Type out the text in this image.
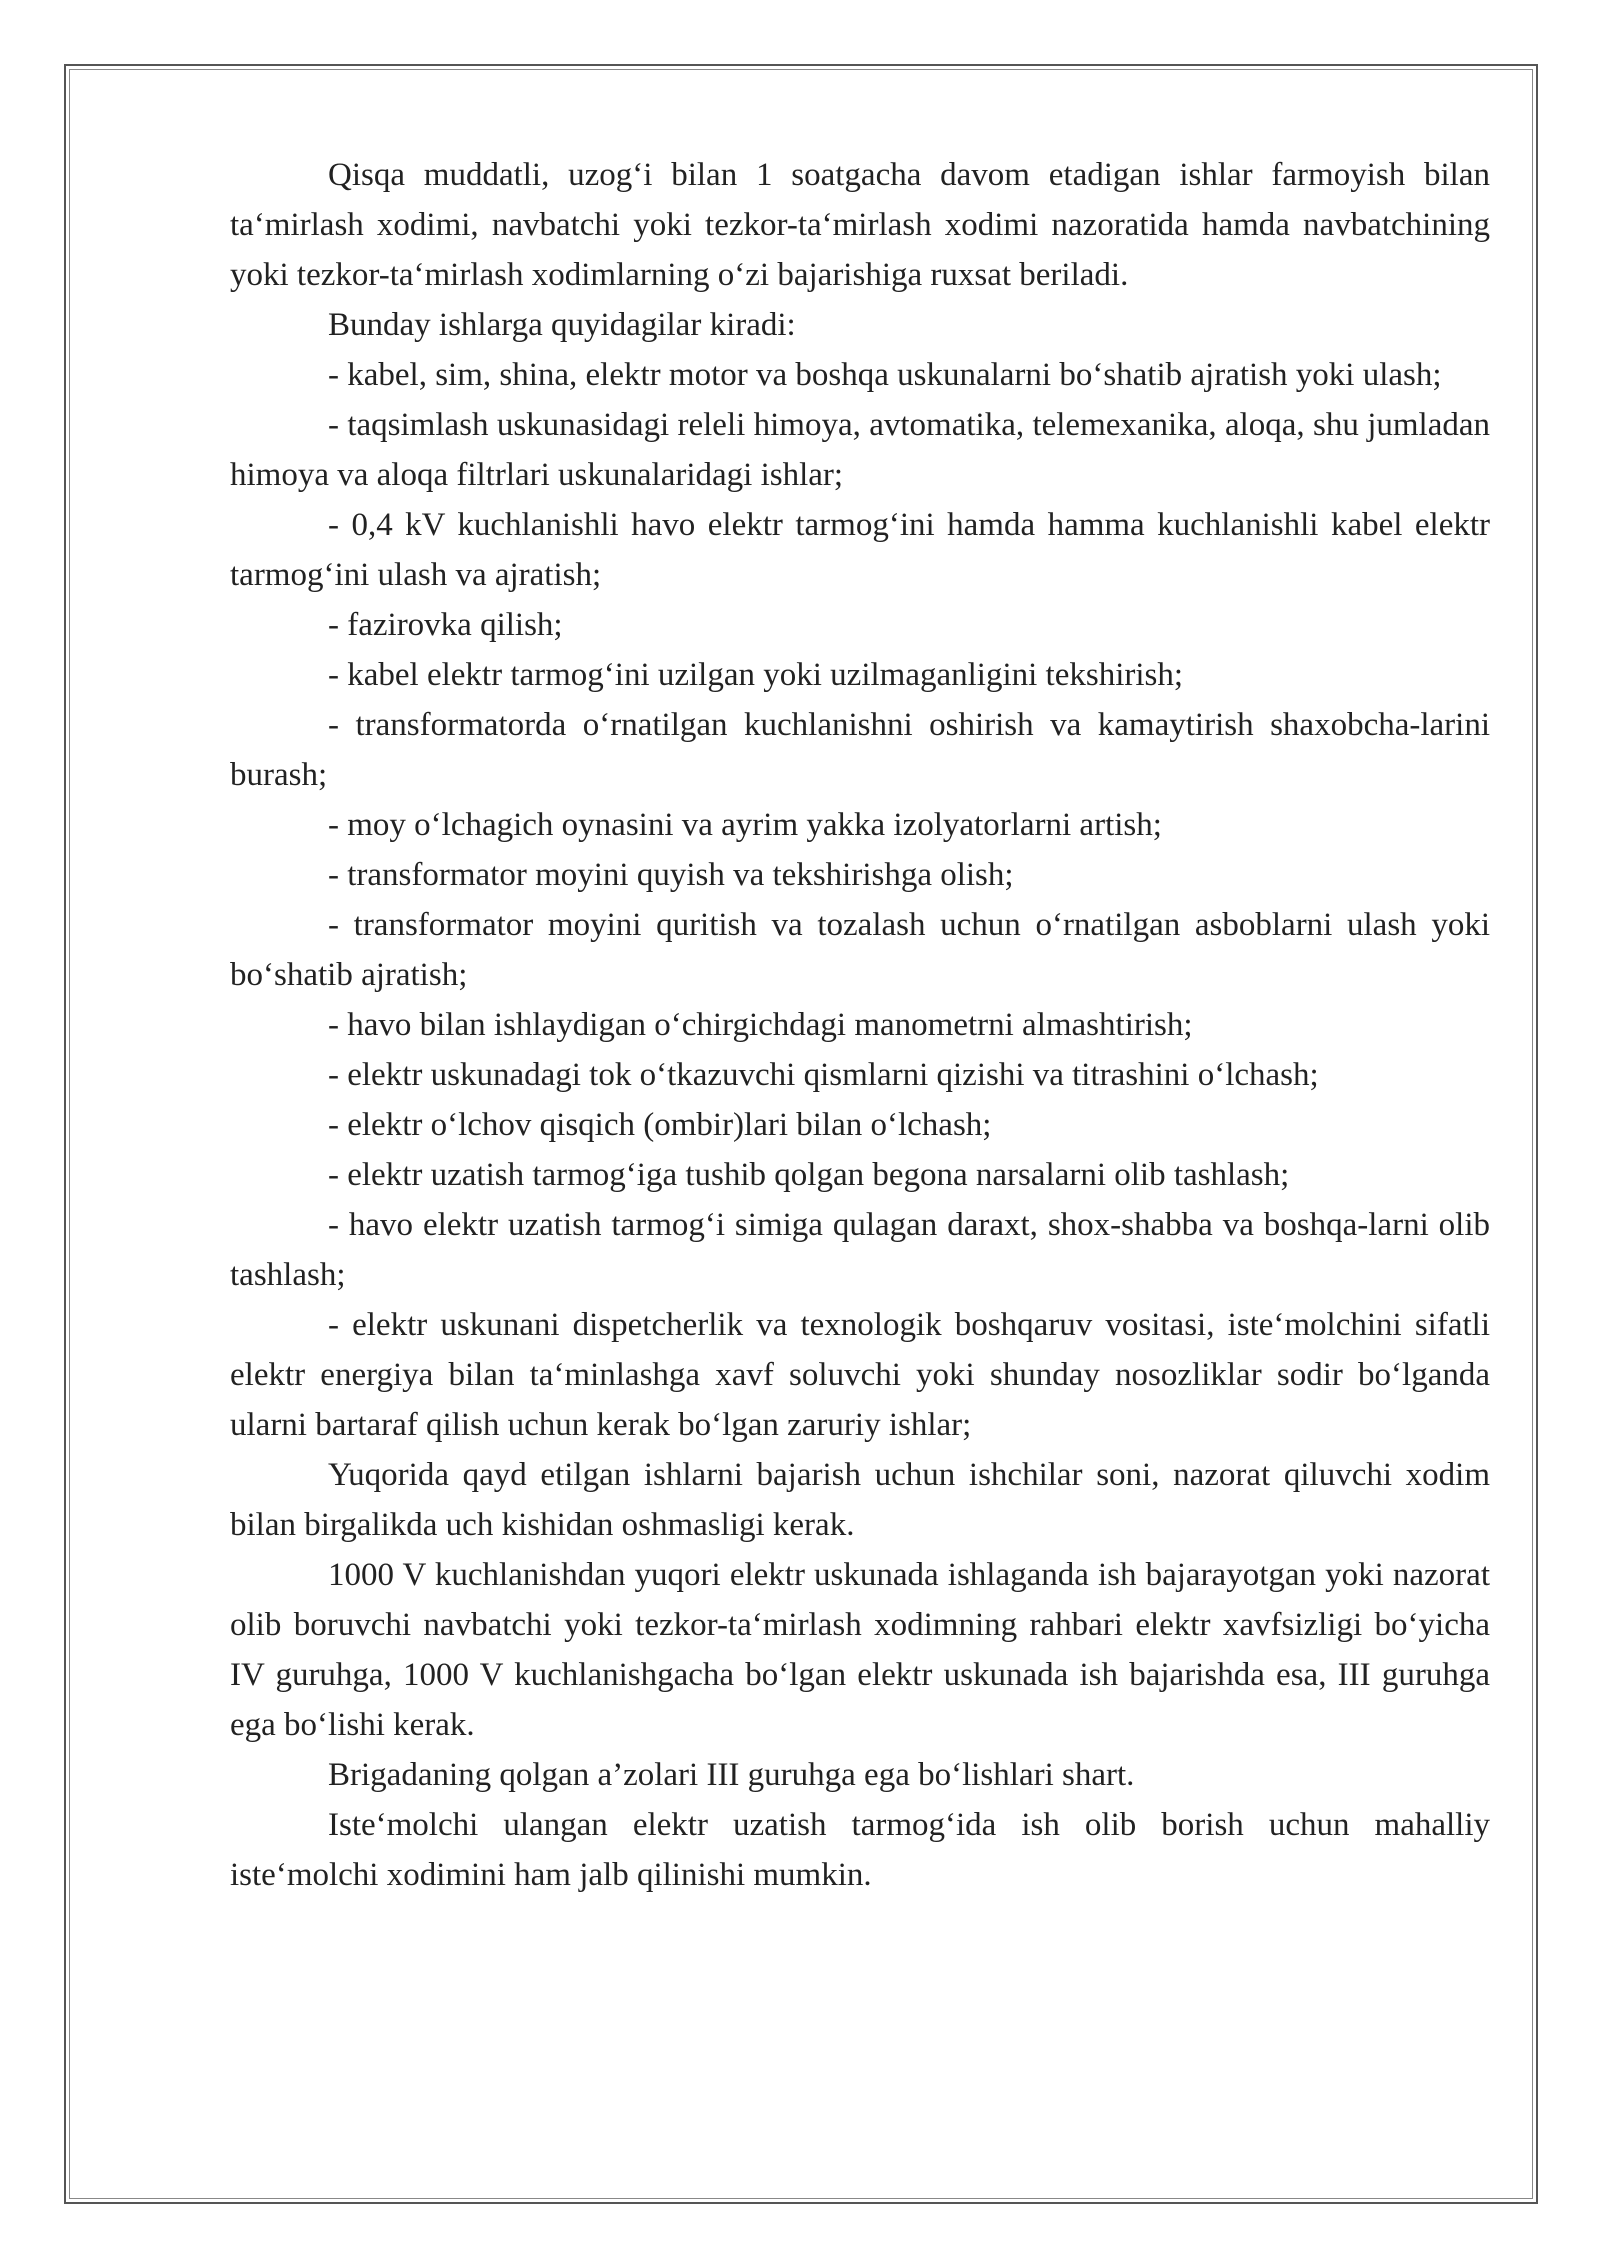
Qisqa muddatli, uzog‘i bilan 1 soatgacha davom etadigan ishlar farmoyish bilan ta‘mirlash xodimi, navbatchi yoki tezkor-ta‘mirlash xodimi nazoratida hamda navbatchining yoki tezkor-ta‘mirlash xodimlarning o‘zi bajarishiga ruxsat beriladi.

Bunday ishlarga quyidagilar kiradi:

- kabel, sim, shina, elektr motor va boshqa uskunalarni bo‘shatib ajratish yoki ulash;

- taqsimlash uskunasidagi releli himoya, avtomatika, telemexanika, aloqa, shu jumladan himoya va aloqa filtrlari uskunalaridagi ishlar;

- 0,4 kV kuchlanishli havo elektr tarmog‘ini hamda hamma kuchlanishli kabel elektr tarmog‘ini ulash va ajratish;

- fazirovka qilish;

- kabel elektr tarmog‘ini uzilgan yoki uzilmaganligini tekshirish;

- transformatorda o‘rnatilgan kuchlanishni oshirish va kamaytirish shaxobcha-larini burash;

- moy o‘lchagich oynasini va ayrim yakka izolyatorlarni artish;

- transformator moyini quyish va tekshirishga olish;

- transformator moyini quritish va tozalash uchun o‘rnatilgan asboblarni ulash yoki bo‘shatib ajratish;

- havo bilan ishlaydigan o‘chirgichdagi manometrni almashtirish;

- elektr uskunadagi tok o‘tkazuvchi qismlarni qizishi va titrashini o‘lchash;

- elektr o‘lchov qisqich (ombir)lari bilan o‘lchash;

- elektr uzatish tarmog‘iga tushib qolgan begona narsalarni olib tashlash;

- havo elektr uzatish tarmog‘i simiga qulagan daraxt, shox-shabba va boshqa-larni olib tashlash;

- elektr uskunani dispetcherlik va texnologik boshqaruv vositasi, iste‘molchini sifatli elektr energiya bilan ta‘minlashga xavf soluvchi yoki shunday nosozliklar sodir bo‘lganda ularni bartaraf qilish uchun kerak bo‘lgan zaruriy ishlar;

Yuqorida qayd etilgan ishlarni bajarish uchun ishchilar soni, nazorat qiluvchi xodim bilan birgalikda uch kishidan oshmasligi kerak.

1000 V kuchlanishdan yuqori elektr uskunada ishlaganda ish bajarayotgan yoki nazorat olib boruvchi navbatchi yoki tezkor-ta‘mirlash xodimning rahbari elektr xavfsizligi bo‘yicha IV guruhga, 1000 V kuchlanishgacha bo‘lgan elektr uskunada ish bajarishda esa, III guruhga ega bo‘lishi kerak.

Brigadaning qolgan a’zolari III guruhga ega bo‘lishlari shart.

Iste‘molchi ulangan elektr uzatish tarmog‘ida ish olib borish uchun mahalliy iste‘molchi xodimini ham jalb qilinishi mumkin.
